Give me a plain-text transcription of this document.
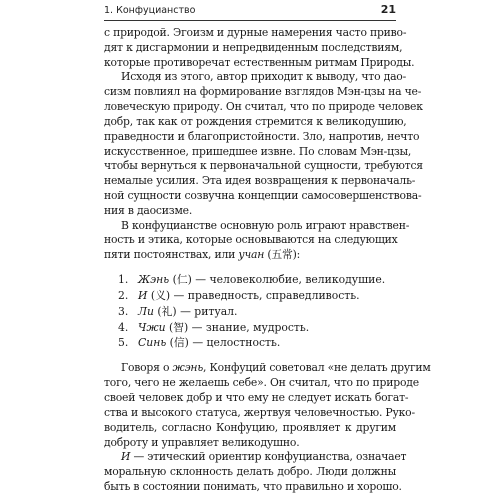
1. Конфуцианство	21
с природой. Эгоизм и дурные намерения часто приво-
дят к дисгармонии и непредвиденным последствиям,
которые противоречат естественным ритмам Природы.
Исходя из этого, автор приходит к выводу, что дао-
сизм повлиял на формирование взглядов Мэн-цзы на че-
ловеческую природу. Он считал, что по природе человек
добр, так как от рождения стремится к великодушию,
праведности и благопристойности. Зло, напротив, нечто
искусственное, пришедшее извне. По словам Мэн-цзы,
чтобы вернуться к первоначальной сущности, требуются
немалые усилия. Эта идея возвращения к первоначаль-
ной сущности созвучна концепции самосовершенствова-
ния в даосизме.
В конфуцианстве основную роль играют нравствен-
ность и этика, которые основываются на следующих
пяти постоянствах, или учан (五常):
1. Жэнь (仁) — человеколюбие, великодушие.
2. И (义) — праведность, справедливость.
3. Ли (礼) — ритуал.
4. Чжи (智) — знание, мудрость.
5. Синь (信) — целостность.
Говоря о жэнь, Конфуций советовал «не делать другим
того, чего не желаешь себе». Он считал, что по природе
своей человек добр и что ему не следует искать богат-
ства и высокого статуса, жертвуя человечностью. Руко-
водитель, согласно Конфуцию, проявляет к другим
доброту и управляет великодушно.
И — этический ориентир конфуцианства, означает
моральную склонность делать добро. Люди должны
быть в состоянии понимать, что правильно и хорошо.
